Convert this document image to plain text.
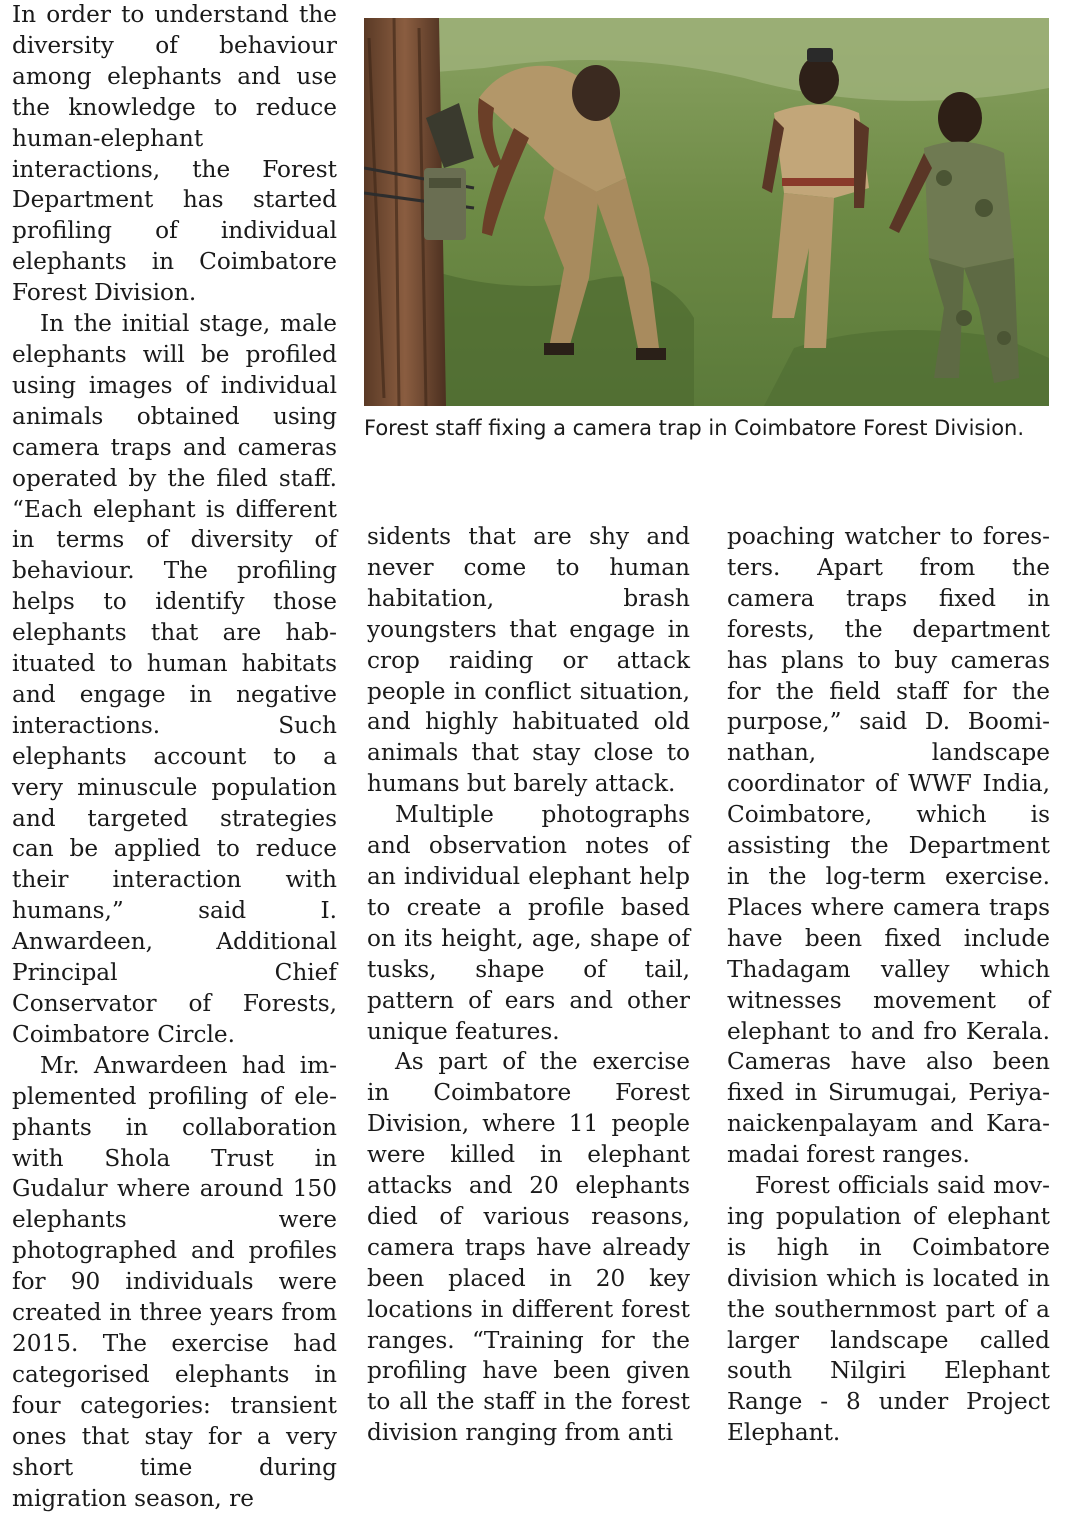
In order to understand the diversity of behaviour among elephants and use the knowledge to reduce human-elephant interactions, the Forest Department has started profiling of individual elephants in Coimbatore Forest Division.

In the initial stage, male elephants will be profiled using images of individual animals obtained using camera traps and cameras operated by the filed staff. “Each elephant is different in terms of diversity of behaviour. The profiling helps to identify those elephants that are habituated to human habitats and engage in negative interactions. Such elephants account to a very minuscule population and targeted strategies can be applied to reduce their interaction with humans,” said I. Anwardeen, Additional Principal Chief Conservator of Forests, Coimbatore Circle.

Mr. Anwardeen had implemented profiling of elephants in collaboration with Shola Trust in Gudalur where around 150 elephants were photographed and profiles for 90 individuals were created in three years from 2015. The exercise had categorised elephants in four categories: transient ones that stay for a very short time during migration season, re

Forest staff fixing a camera trap in Coimbatore Forest Division.

sidents that are shy and never come to human habitation, brash youngsters that engage in crop raiding or attack people in conflict situation, and highly habituated old animals that stay close to humans but barely attack.

Multiple photographs and observation notes of an individual elephant help to create a profile based on its height, age, shape of tusks, shape of tail, pattern of ears and other unique features.

As part of the exercise in Coimbatore Forest Division, where 11 people were killed in elephant attacks and 20 elephants died of various reasons, camera traps have already been placed in 20 key locations in different forest ranges. “Training for the profiling have been given to all the staff in the forest division ranging from anti

poaching watcher to foresters. Apart from the camera traps fixed in forests, the department has plans to buy cameras for the field staff for the purpose,” said D. Boominathan, landscape coordinator of WWF India, Coimbatore, which is assisting the Department in the log-term exercise. Places where camera traps have been fixed include Thadagam valley which witnesses movement of elephant to and fro Kerala. Cameras have also been fixed in Sirumugai, Periyanaickenpalayam and Karamadai forest ranges.

Forest officials said moving population of elephant is high in Coimbatore division which is located in the southernmost part of a larger landscape called south Nilgiri Elephant Range - 8 under Project Elephant.
